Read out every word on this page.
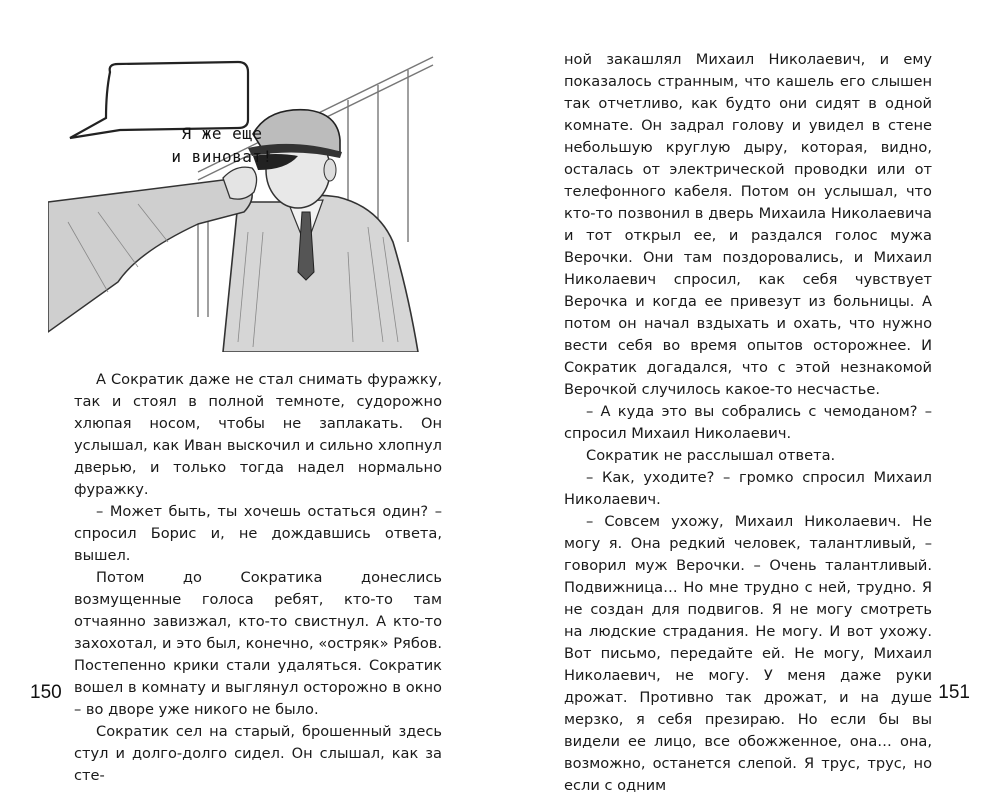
Я же еще
и виноват!

А Сократик даже не стал снимать фуражку, так и стоял в полной темноте, судорожно хлюпая носом, чтобы не заплакать. Он услышал, как Иван выскочил и сильно хлопнул дверью, и только тогда надел нормально фуражку.

– Может быть, ты хочешь остаться один? – спросил Борис и, не дождавшись ответа, вышел.

Потом до Сократика донеслись возмущенные голоса ребят, кто-то там отчаянно завизжал, кто-то свистнул. А кто-то захохотал, и это был, конечно, «остряк» Рябов. Постепенно крики стали удаляться. Сократик вошел в комнату и выглянул осторожно в окно – во дворе уже никого не было.

Сократик сел на старый, брошенный здесь стул и долго-долго сидел. Он слышал, как за сте-

150

ной закашлял Михаил Николаевич, и ему показалось странным, что кашель его слышен так отчетливо, как будто они сидят в одной комнате. Он задрал голову и увидел в стене небольшую круглую дыру, которая, видно, осталась от электрической проводки или от телефонного кабеля. Потом он услышал, что кто-то позвонил в дверь Михаила Николаевича и тот открыл ее, и раздался голос мужа Верочки. Они там поздоровались, и Михаил Николаевич спросил, как себя чувствует Верочка и когда ее привезут из больницы. А потом он начал вздыхать и охать, что нужно вести себя во время опытов осторожнее. И Сократик догадался, что с этой незнакомой Верочкой случилось какое-то несчастье.

– А куда это вы собрались с чемоданом? – спросил Михаил Николаевич.

Сократик не расслышал ответа.

– Как, уходите? – громко спросил Михаил Николаевич.

– Совсем ухожу, Михаил Николаевич. Не могу я. Она редкий человек, талантливый, – говорил муж Верочки. – Очень талантливый. Подвижница… Но мне трудно с ней, трудно. Я не создан для подвигов. Я не могу смотреть на людские страдания. Не могу. И вот ухожу. Вот письмо, передайте ей. Не могу, Михаил Николаевич, не могу. У меня даже руки дрожат. Противно так дрожат, и на душе мерзко, я себя презираю. Но если бы вы видели ее лицо, все обожженное, она… она, возможно, останется слепой. Я трус, трус, но если с одним

151
